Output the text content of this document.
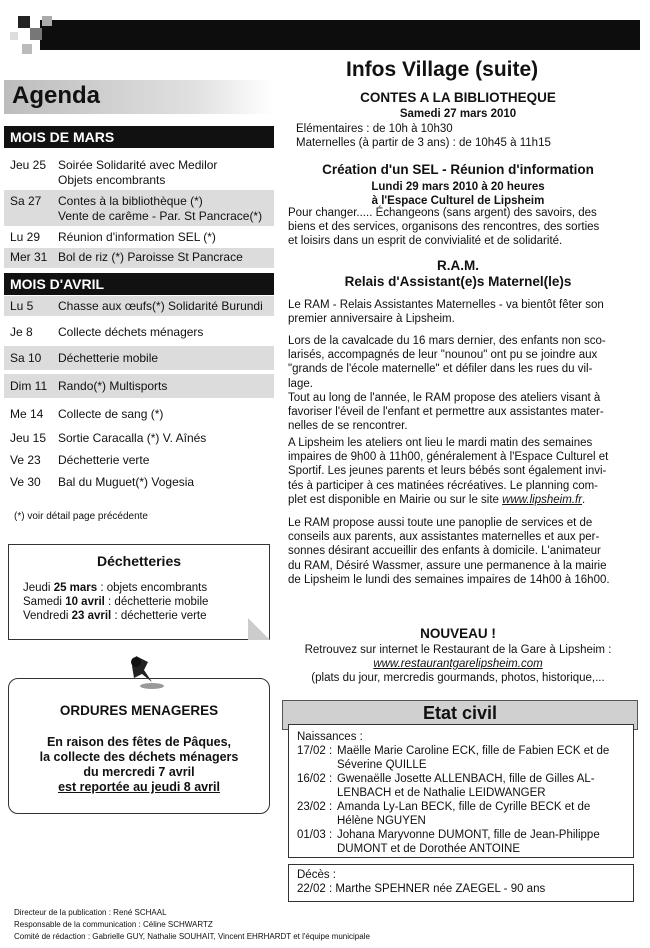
Agenda
MOIS DE MARS
Jeu 25 Soirée Solidarité avec Medilor
Objets encombrants
Sa 27 Contes à la bibliothèque (*)
Vente de carême - Par. St Pancrace(*)
Lu 29 Réunion d'information SEL (*)
Mer 31 Bol de riz (*) Paroisse St Pancrace
MOIS D'AVRIL
Lu 5 Chasse aux œufs(*) Solidarité Burundi
Je 8 Collecte déchets ménagers
Sa 10 Déchetterie mobile
Dim 11 Rando(*) Multisports
Me 14 Collecte de sang (*)
Jeu 15 Sortie Caracalla (*) V. Aînés
Ve 23 Déchetterie verte
Ve 30 Bal du Muguet(*) Vogesia
(*) voir détail page précédente
Déchetteries
Jeudi 25 mars : objets encombrants
Samedi 10 avril : déchetterie mobile
Vendredi 23 avril : déchetterie verte
ORDURES MENAGERES
En raison des fêtes de Pâques,
la collecte des déchets ménagers
du mercredi 7 avril
est reportée au jeudi 8 avril
Directeur de la publication : René SCHAAL
Responsable de la communication : Céline SCHWARTZ
Comité de rédaction : Gabrielle GUY, Nathalie SOUHAIT, Vincent EHRHARDT et l'équipe municipale
Infos Village (suite)
CONTES A LA BIBLIOTHEQUE
Samedi 27 mars 2010
Elémentaires : de 10h à 10h30
Maternelles (à partir de 3 ans) : de 10h45 à 11h15
Création d'un SEL - Réunion d'information
Lundi 29 mars 2010 à 20 heures
à l'Espace Culturel de Lipsheim
Pour changer..... Échangeons (sans argent) des savoirs, des
biens et des services, organisons des rencontres, des sorties
et loisirs dans un esprit de convivialité et de solidarité.
R.A.M.
Relais d'Assistant(e)s Maternel(le)s
Le RAM - Relais Assistantes Maternelles - va bientôt fêter son
premier anniversaire à Lipsheim.
Lors de la cavalcade du 16 mars dernier, des enfants non sco-
larisés, accompagnés de leur "nounou" ont pu se joindre aux
"grands de l'école maternelle" et défiler dans les rues du vil-
lage.
Tout au long de l'année, le RAM propose des ateliers visant à
favoriser l'éveil de l'enfant et permettre aux assistantes mater-
nelles de se rencontrer.
A Lipsheim les ateliers ont lieu le mardi matin des semaines
impaires de 9h00 à 11h00, généralement à l'Espace Culturel et
Sportif. Les jeunes parents et leurs bébés sont également invi-
tés à participer à ces matinées récréatives. Le planning com-
plet est disponible en Mairie ou sur le site www.lipsheim.fr.
Le RAM propose aussi toute une panoplie de services et de
conseils aux parents, aux assistantes maternelles et aux per-
sonnes désirant accueillir des enfants à domicile. L'animateur
du RAM, Désiré Wassmer, assure une permanence à la mairie
de Lipsheim le lundi des semaines impaires de 14h00 à 16h00.
NOUVEAU !
Retrouvez sur internet le Restaurant de la Gare à Lipsheim :
www.restaurantgarelipsheim.com
(plats du jour, mercredis gourmands, photos, historique,...
Etat civil
Naissances :
17/02 : Maëlle Marie Caroline ECK, fille de Fabien ECK et de
Séverine QUILLE
16/02 : Gwenaëlle Josette ALLENBACH, fille de Gilles AL-
LENBACH et de Nathalie LEIDWANGER
23/02 : Amanda Ly-Lan BECK, fille de Cyrille BECK et de
Hélène NGUYEN
01/03 : Johana Maryvonne DUMONT, fille de Jean-Philippe
DUMONT et de Dorothée ANTOINE
Décès :
22/02 : Marthe SPEHNER née ZAEGEL - 90 ans
